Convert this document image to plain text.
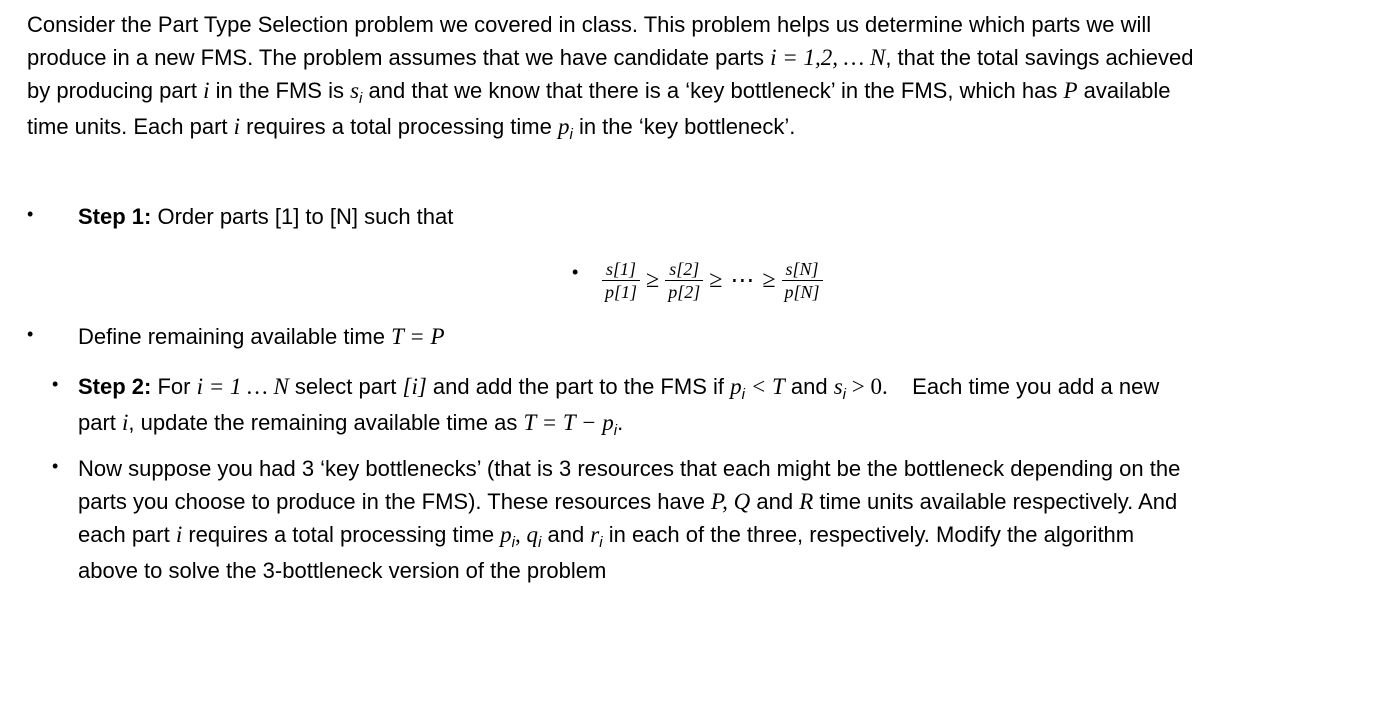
Consider the Part Type Selection problem we covered in class. This problem helps us determine which parts we will
produce in a new FMS. The problem assumes that we have candidate parts i = 1,2, … N, that the total savings achieved
by producing part i in the FMS is $s_i$ and that we know that there is a ‘key bottleneck’ in the FMS, which has P available
time units. Each part i requires a total processing time $p_i$ in the ‘key bottleneck’.
• Step 1: Order parts [1] to [N] such that
• $\frac{s[1]}{p[1]} \ge \frac{s[2]}{p[2]}$ ≥ ⋯ ≥ $\frac{s[N]}{p[N]}$
• Define remaining available time T = P
• Step 2: For i = 1 … N select part [i] and add the part to the FMS if $p_i < T$ and $s_i > 0$.    Each time you add a new
part i, update the remaining available time as $T = T - p_i$.
• Now suppose you had 3 ‘key bottlenecks’ (that is 3 resources that each might be the bottleneck depending on the
parts you choose to produce in the FMS). These resources have P, Q and R time units available respectively. And
each part i requires a total processing time $p_i$, $q_i$ and $r_i$ in each of the three, respectively. Modify the algorithm
above to solve the 3-bottleneck version of the problem
